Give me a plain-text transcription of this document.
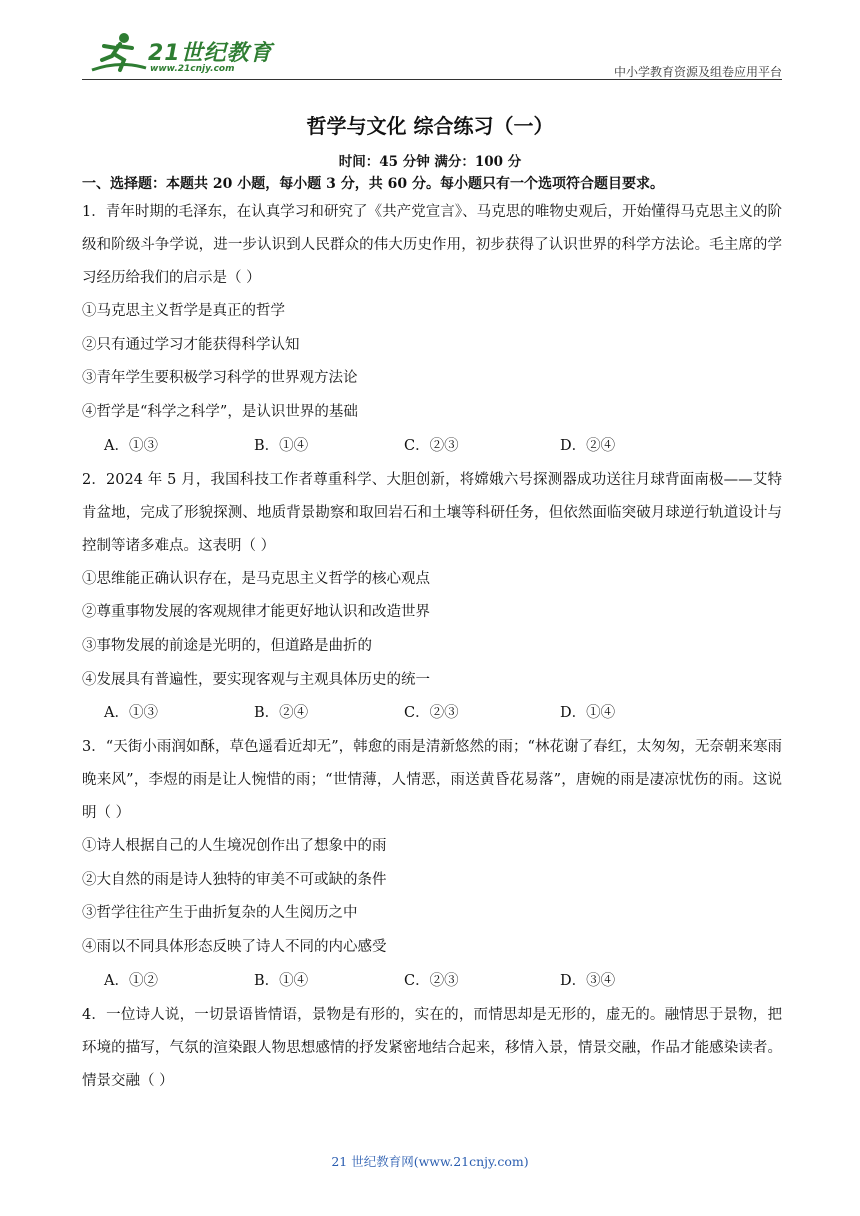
21世纪教育
www.21cnjy.com	中小学教育资源及组卷应用平台
哲学与文化 综合练习（一）
时间：45 分钟 满分：100 分

一、选择题：本题共 20 小题，每小题 3 分，共 60 分。每小题只有一个选项符合题目要求。

1．青年时期的毛泽东，在认真学习和研究了《共产党宣言》、马克思的唯物史观后，开始懂得马克思主义的阶级和阶级斗争学说，进一步认识到人民群众的伟大历史作用，初步获得了认识世界的科学方法论。毛主席的学习经历给我们的启示是（ ）

①马克思主义哲学是真正的哲学

②只有通过学习才能获得科学认知

③青年学生要积极学习科学的世界观方法论

④哲学是“科学之科学”，是认识世界的基础

A．①③	B．①④	C．②③	D．②④

2．2024 年 5 月，我国科技工作者尊重科学、大胆创新，将嫦娥六号探测器成功送往月球背面南极——艾特肯盆地，完成了形貌探测、地质背景勘察和取回岩石和土壤等科研任务，但依然面临突破月球逆行轨道设计与控制等诸多难点。这表明（ ）

①思维能正确认识存在，是马克思主义哲学的核心观点

②尊重事物发展的客观规律才能更好地认识和改造世界

③事物发展的前途是光明的，但道路是曲折的

④发展具有普遍性，要实现客观与主观具体历史的统一

A．①③	B．②④	C．②③	D．①④

3．“天街小雨润如酥，草色遥看近却无”，韩愈的雨是清新悠然的雨；“林花谢了春红，太匆匆，无奈朝来寒雨晚来风”，李煜的雨是让人惋惜的雨；“世情薄，人情恶，雨送黄昏花易落”，唐婉的雨是凄凉忧伤的雨。这说明（ ）

①诗人根据自己的人生境况创作出了想象中的雨

②大自然的雨是诗人独特的审美不可或缺的条件

③哲学往往产生于曲折复杂的人生阅历之中

④雨以不同具体形态反映了诗人不同的内心感受

A．①②	B．①④	C．②③	D．③④

4．一位诗人说，一切景语皆情语，景物是有形的，实在的，而情思却是无形的，虚无的。融情思于景物，把环境的描写，气氛的渲染跟人物思想感情的抒发紧密地结合起来，移情入景，情景交融，作品才能感染读者。情景交融（ ）

21 世纪教育网(www.21cnjy.com)
